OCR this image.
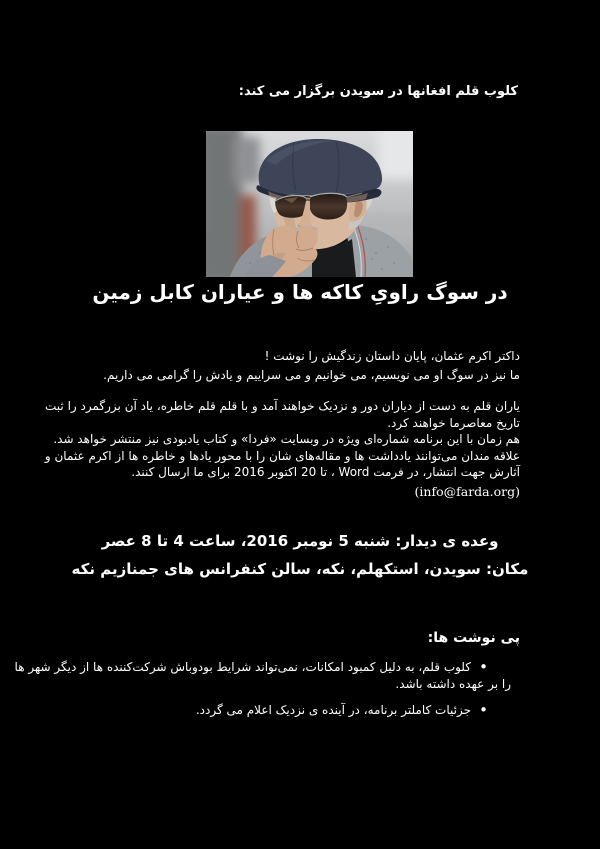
کلوب قلم افغانها در سویدن برگزار می کند:
در سوگ راویِ کاکه ها و عیاران کابل زمین
داکتر اکرم عثمان، پایان داستان زندگیش را نوشت !
ما نیز در سوگ او می نویسیم، می خوانیم و می سراییم و یادش را گرامی می داریم.
یاران قلم به دست از دیاران دور و نزدیک خواهند آمد و با قلم قلم خاطره، یاد آن بزرگمرد را ثبت
تاریخ معاصرما خواهند کرد.
هم زمان با این برنامه شماره‌ای ویژه در وبسایت «فردا» و کتاب یادبودی نیز منتشر خواهد شد.
علاقه مندان می‌توانند یادداشت ها و مقاله‌های شان را با محور یادها و خاطره ها از اکرم عثمان و
آثارش جهت انتشار، در فرمت Word ، تا 20 اکتوبر 2016 برای ما ارسال کنند.
(info@farda.org)
وعده ی دیدار: شنبه 5 نومبر 2016، ساعت 4 تا 8 عصر
مکان: سویدن، استکهلم، نکه، سالن کنفرانس های جمنازیم نکه
پی نوشت ها:
• کلوب قلم، به دلیل کمبود امکانات، نمی‌تواند شرایط بودوباش شرکت‌کننده ها از دیگر شهر ها
را بر عهده داشته باشد.
• جزئیات کاملتر برنامه، در آینده ی نزدیک اعلام می گردد.
